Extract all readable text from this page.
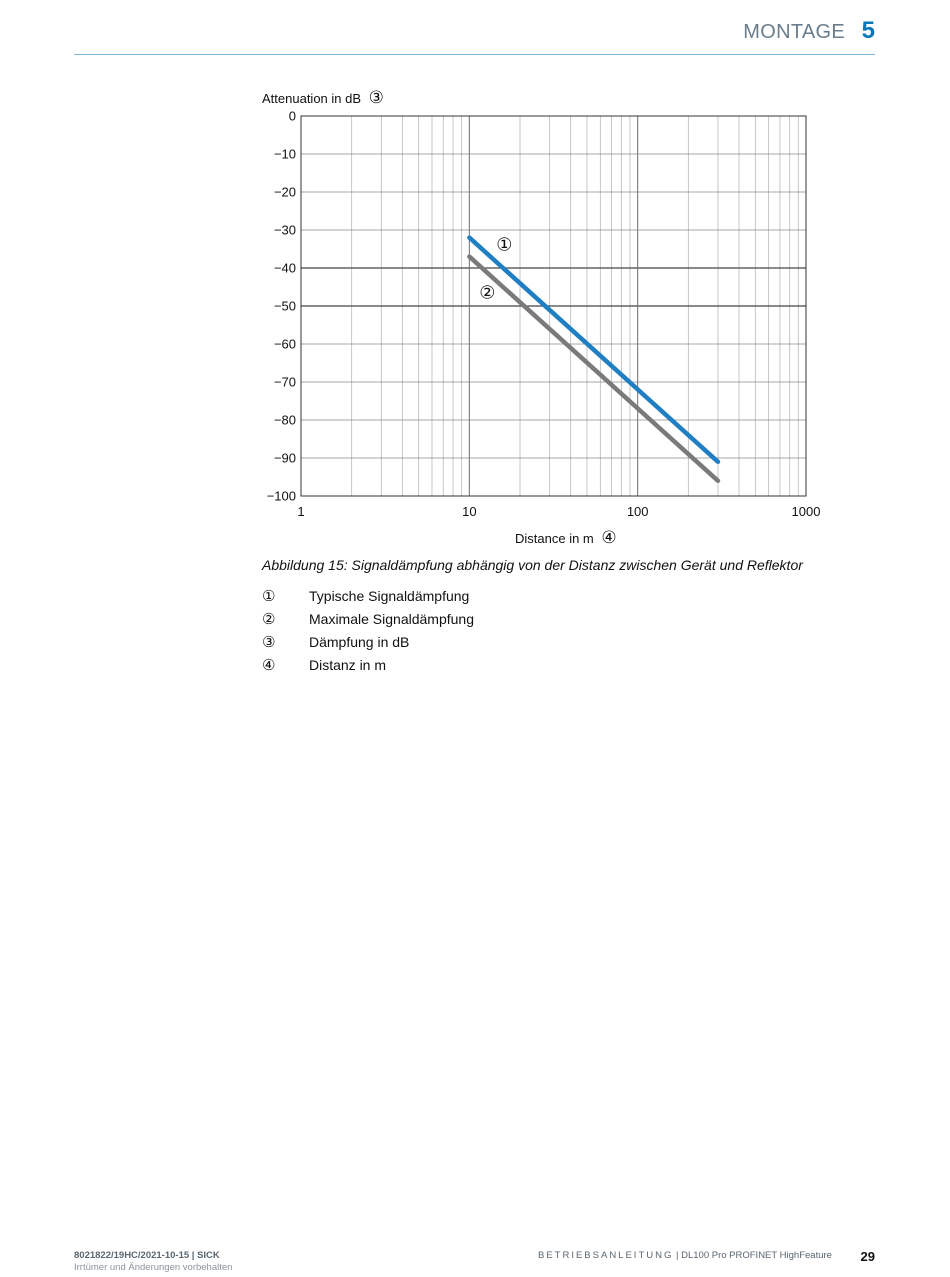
MONTAGE 5
①
②
Attenuation in dB ③
Distance in m ④
0
−10
−20
−30
−40
−50
−60
−70
−80
−90
−100
1	10	100	1000
Abbildung 15: Signaldämpfung abhängig von der Distanz zwischen Gerät und Reflektor
①	Typische Signaldämpfung
②	Maximale Signaldämpfung
③	Dämpfung in dB
④	Distanz in m
8021822/19HC/2021-10-15 | SICK
Irrtümer und Änderungen vorbehalten
BETRIEBSANLEITUNG | DL100 Pro PROFINET HighFeature 29
